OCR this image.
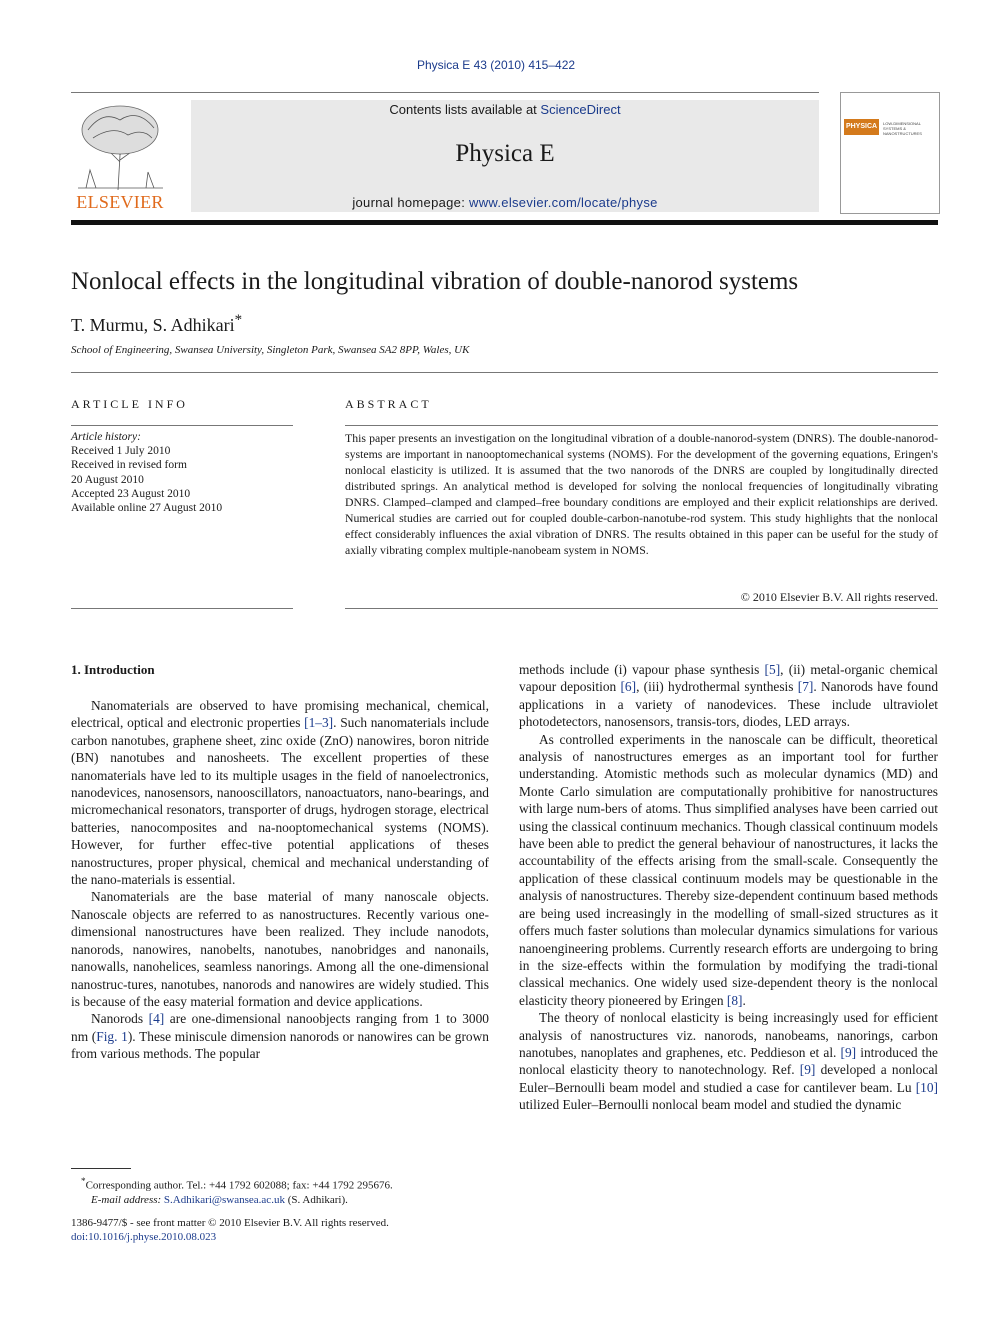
Physica E 43 (2010) 415–422
ELSEVIER
Contents lists available at ScienceDirect
Physica E
journal homepage: www.elsevier.com/locate/physe
PHYSICA	LOW-DIMENSIONAL SYSTEMS & NANOSTRUCTURES
Nonlocal effects in the longitudinal vibration of double-nanorod systems
T. Murmu, S. Adhikari*
School of Engineering, Swansea University, Singleton Park, Swansea SA2 8PP, Wales, UK
ARTICLE INFO	ABSTRACT
Article history:
Received 1 July 2010
Received in revised form
20 August 2010
Accepted 23 August 2010
Available online 27 August 2010
This paper presents an investigation on the longitudinal vibration of a double-nanorod-system (DNRS). The double-nanorod-systems are important in nanooptomechanical systems (NOMS). For the development of the governing equations, Eringen's nonlocal elasticity is utilized. It is assumed that the two nanorods of the DNRS are coupled by longitudinally directed distributed springs. An analytical method is developed for solving the nonlocal frequencies of longitudinally vibrating DNRS. Clamped–clamped and clamped–free boundary conditions are employed and their explicit relationships are derived. Numerical studies are carried out for coupled double-carbon-nanotube-rod system. This study highlights that the nonlocal effect considerably influences the axial vibration of DNRS. The results obtained in this paper can be useful for the study of axially vibrating complex multiple-nanobeam system in NOMS.
© 2010 Elsevier B.V. All rights reserved.
1. Introduction

Nanomaterials are observed to have promising mechanical, chemical, electrical, optical and electronic properties [1–3]. Such nanomaterials include carbon nanotubes, graphene sheet, zinc oxide (ZnO) nanowires, boron nitride (BN) nanotubes and nanosheets. The excellent properties of these nanomaterials have led to its multiple usages in the field of nanoelectronics, nanodevices, nanosensors, nanooscillators, nanoactuators, nano-bearings, and micromechanical resonators, transporter of drugs, hydrogen storage, electrical batteries, nanocomposites and na-nooptomechanical systems (NOMS). However, for further effec-tive potential applications of theses nanostructures, proper physical, chemical and mechanical understanding of the nano-materials is essential.

Nanomaterials are the base material of many nanoscale objects. Nanoscale objects are referred to as nanostructures. Recently various one-dimensional nanostructures have been realized. They include nanodots, nanorods, nanowires, nanobelts, nanotubes, nanobridges and nanonails, nanowalls, nanohelices, seamless nanorings. Among all the one-dimensional nanostruc-tures, nanotubes, nanorods and nanowires are widely studied. This is because of the easy material formation and device applications.

Nanorods [4] are one-dimensional nanoobjects ranging from 1 to 3000 nm (Fig. 1). These miniscule dimension nanorods or nanowires can be grown from various methods. The popular

methods include (i) vapour phase synthesis [5], (ii) metal-organic chemical vapour deposition [6], (iii) hydrothermal synthesis [7]. Nanorods have found applications in a variety of nanodevices. These include ultraviolet photodetectors, nanosensors, transis-tors, diodes, LED arrays.

As controlled experiments in the nanoscale can be difficult, theoretical analysis of nanostructures emerges as an important tool for further understanding. Atomistic methods such as molecular dynamics (MD) and Monte Carlo simulation are computationally prohibitive for nanostructures with large num-bers of atoms. Thus simplified analyses have been carried out using the classical continuum mechanics. Though classical continuum models have been able to predict the general behaviour of nanostructures, it lacks the accountability of the effects arising from the small-scale. Consequently the application of these classical continuum models may be questionable in the analysis of nanostructures. Thereby size-dependent continuum based methods are being used increasingly in the modelling of small-sized structures as it offers much faster solutions than molecular dynamics simulations for various nanoengineering problems. Currently research efforts are undergoing to bring in the size-effects within the formulation by modifying the tradi-tional classical mechanics. One widely used size-dependent theory is the nonlocal elasticity theory pioneered by Eringen [8].

The theory of nonlocal elasticity is being increasingly used for efficient analysis of nanostructures viz. nanorods, nanobeams, nanorings, carbon nanotubes, nanoplates and graphenes, etc. Peddieson et al. [9] introduced the nonlocal elasticity theory to nanotechnology. Ref. [9] developed a nonlocal Euler–Bernoulli beam model and studied a case for cantilever beam. Lu [10] utilized Euler–Bernoulli nonlocal beam model and studied the dynamic

*Corresponding author. Tel.: +44 1792 602088; fax: +44 1792 295676.
E-mail address: S.Adhikari@swansea.ac.uk (S. Adhikari).
1386-9477/$ - see front matter © 2010 Elsevier B.V. All rights reserved.
doi:10.1016/j.physe.2010.08.023
